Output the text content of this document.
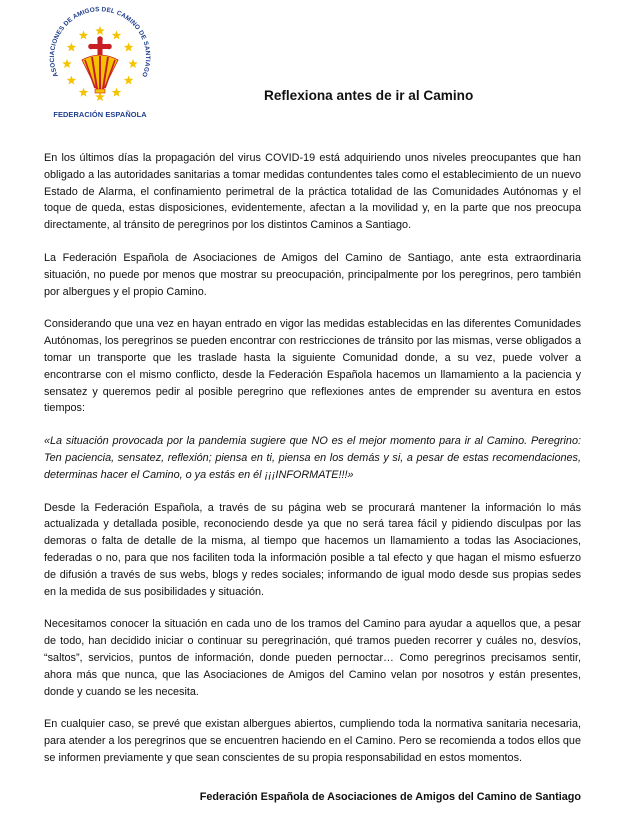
ASOCIACIONES DE AMIGOS DEL CAMINO DE SANTIAGO
FEDERACIÓN ESPAÑOLA
Reflexiona antes de ir al Camino

En los últimos días la propagación del virus COVID-19 está adquiriendo unos niveles preocupantes que han obligado a las autoridades sanitarias a tomar medidas contundentes tales como el establecimiento de un nuevo Estado de Alarma, el confinamiento perimetral de la práctica totalidad de las Comunidades Autónomas y el toque de queda, estas disposiciones, evidentemente, afectan a la movilidad y, en la parte que nos preocupa directamente, al tránsito de peregrinos por los distintos Caminos a Santiago.

La Federación Española de Asociaciones de Amigos del Camino de Santiago, ante esta extraordinaria situación, no puede por menos que mostrar su preocupación, principalmente por los peregrinos, pero también por albergues y el propio Camino.

Considerando que una vez en hayan entrado en vigor las medidas establecidas en las diferentes Comunidades Autónomas, los peregrinos se pueden encontrar con restricciones de tránsito por las mismas, verse obligados a tomar un transporte que les traslade hasta la siguiente Comunidad donde, a su vez, puede volver a encontrarse con el mismo conflicto, desde la Federación Española hacemos un llamamiento a la paciencia y sensatez y queremos pedir al posible peregrino que reflexiones antes de emprender su aventura en estos tiempos:

«La situación provocada por la pandemia sugiere que NO es el mejor momento para ir al Camino. Peregrino: Ten paciencia, sensatez, reflexión; piensa en ti, piensa en los demás y si, a pesar de estas recomendaciones, determinas hacer el Camino, o ya estás en él ¡¡¡INFORMATE!!!»

Desde la Federación Española, a través de su página web se procurará mantener la información lo más actualizada y detallada posible, reconociendo desde ya que no será tarea fácil y pidiendo disculpas por las demoras o falta de detalle de la misma, al tiempo que hacemos un llamamiento a todas las Asociaciones, federadas o no, para que nos faciliten toda la información posible a tal efecto y que hagan el mismo esfuerzo de difusión a través de sus webs, blogs y redes sociales; informando de igual modo desde sus propias sedes en la medida de sus posibilidades y situación.

Necesitamos conocer la situación en cada uno de los tramos del Camino para ayudar a aquellos que, a pesar de todo, han decidido iniciar o continuar su peregrinación, qué tramos pueden recorrer y cuáles no, desvíos, “saltos”, servicios, puntos de información, donde pueden pernoctar… Como peregrinos precisamos sentir, ahora más que nunca, que las Asociaciones de Amigos del Camino velan por nosotros y están presentes, donde y cuando se les necesita.

En cualquier caso, se prevé que existan albergues abiertos, cumpliendo toda la normativa sanitaria necesaria, para atender a los peregrinos que se encuentren haciendo en el Camino. Pero se recomienda a todos ellos que se informen previamente y que sean conscientes de su propia responsabilidad en estos momentos.

Federación Española de Asociaciones de Amigos del Camino de Santiago
